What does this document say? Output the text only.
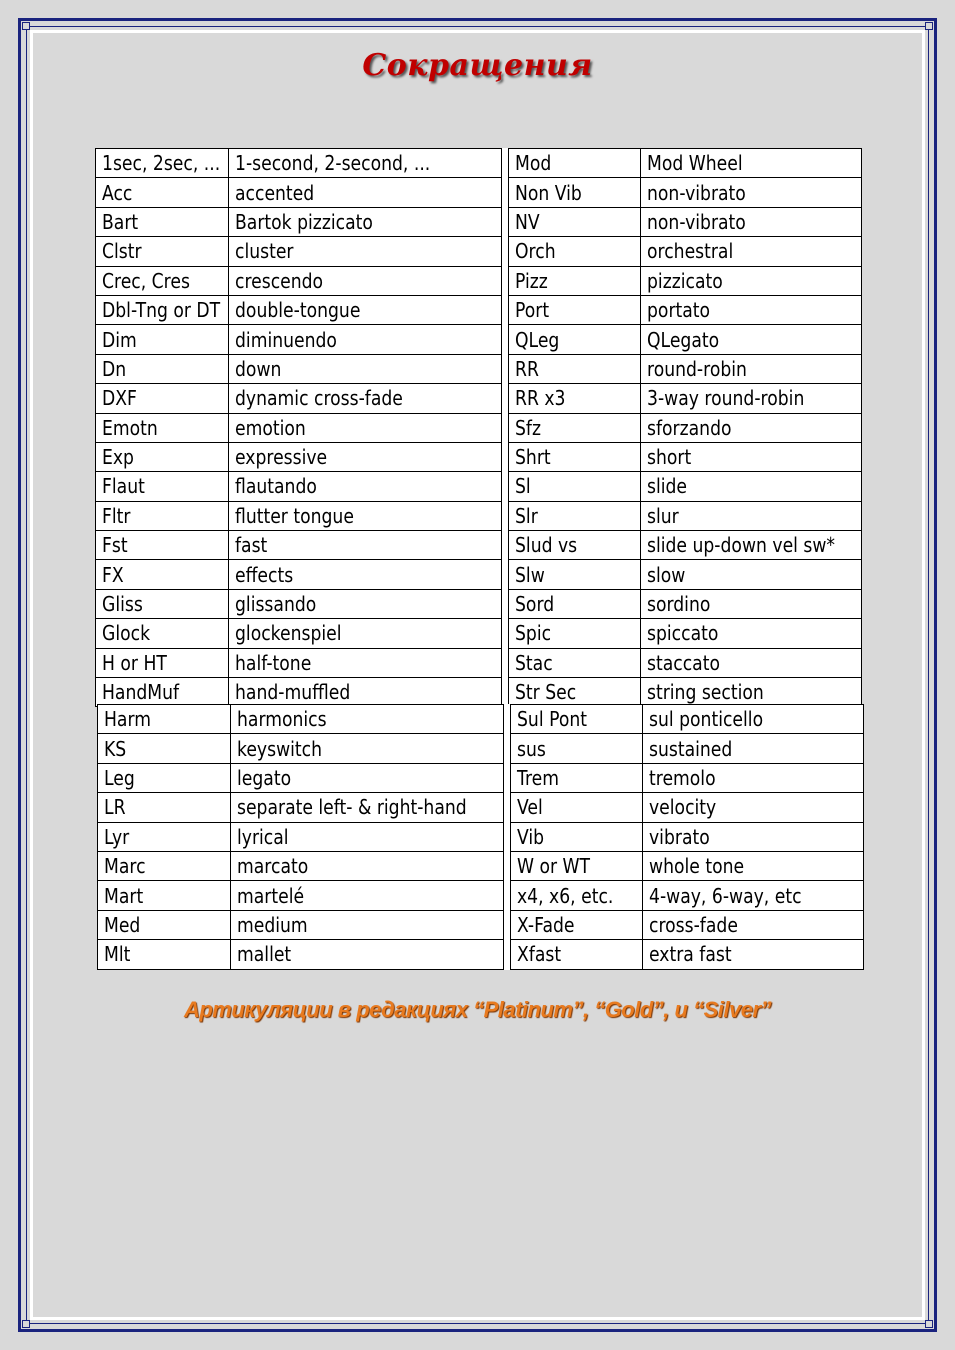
Сокращения
1sec, 2sec, ...	1-second, 2-second, ...		Mod	Mod Wheel
Acc	accented		Non Vib	non-vibrato
Bart	Bartok pizzicato		NV	non-vibrato
Clstr	cluster		Orch	orchestral
Crec, Cres	crescendo		Pizz	pizzicato
Dbl-Tng or DT	double-tongue		Port	portato
Dim	diminuendo		QLeg	QLegato
Dn	down		RR	round-robin
DXF	dynamic cross-fade		RR x3	3-way round-robin
Emotn	emotion		Sfz	sforzando
Exp	expressive		Shrt	short
Flaut	flautando		Sl	slide
Fltr	flutter tongue		Slr	slur
Fst	fast		Slud vs	slide up-down vel sw*
FX	effects		Slw	slow
Gliss	glissando		Sord	sordino
Glock	glockenspiel		Spic	spiccato
H or HT	half-tone		Stac	staccato
HandMuf	hand-muffled		Str Sec	string section
Harm	harmonics		Sul Pont	sul ponticello
KS	keyswitch		sus	sustained
Leg	legato		Trem	tremolo
LR	separate left- & right-hand		Vel	velocity
Lyr	lyrical		Vib	vibrato
Marc	marcato		W or WT	whole tone
Mart	martelé		x4, x6, etc.	4-way, 6-way, etc
Med	medium		X-Fade	cross-fade
Mlt	mallet		Xfast	extra fast
Артикуляции в редакциях “Platinum”, “Gold”, и “Silver”
